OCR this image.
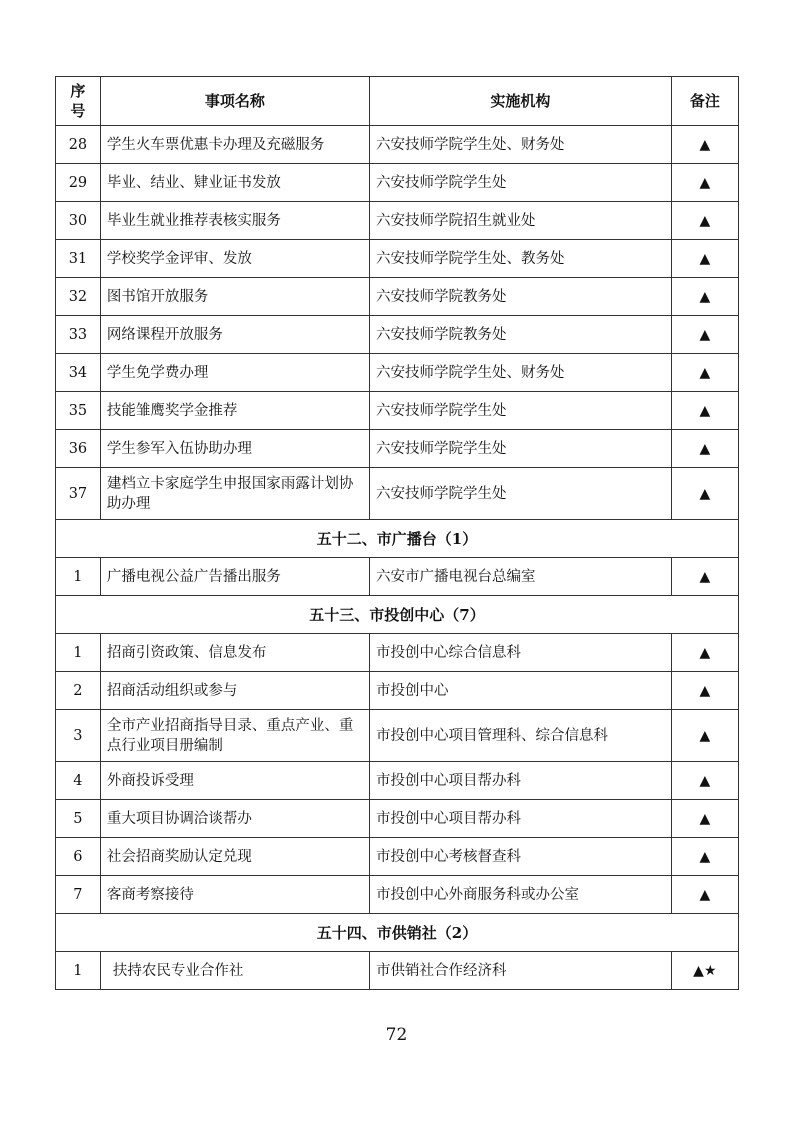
序号	事项名称	实施机构	备注
28	学生火车票优惠卡办理及充磁服务	六安技师学院学生处、财务处	▲
29	毕业、结业、肄业证书发放	六安技师学院学生处	▲
30	毕业生就业推荐表核实服务	六安技师学院招生就业处	▲
31	学校奖学金评审、发放	六安技师学院学生处、教务处	▲
32	图书馆开放服务	六安技师学院教务处	▲
33	网络课程开放服务	六安技师学院教务处	▲
34	学生免学费办理	六安技师学院学生处、财务处	▲
35	技能雏鹰奖学金推荐	六安技师学院学生处	▲
36	学生参军入伍协助办理	六安技师学院学生处	▲
37	建档立卡家庭学生申报国家雨露计划协助办理	六安技师学院学生处	▲
五十二、市广播台（1）			
1	广播电视公益广告播出服务	六安市广播电视台总编室	▲
五十三、市投创中心（7）			
1	招商引资政策、信息发布	市投创中心综合信息科	▲
2	招商活动组织或参与	市投创中心	▲
3	全市产业招商指导目录、重点产业、重点行业项目册编制	市投创中心项目管理科、综合信息科	▲
4	外商投诉受理	市投创中心项目帮办科	▲
5	重大项目协调洽谈帮办	市投创中心项目帮办科	▲
6	社会招商奖励认定兑现	市投创中心考核督查科	▲
7	客商考察接待	市投创中心外商服务科或办公室	▲
五十四、市供销社（2）			
1	扶持农民专业合作社	市供销社合作经济科	▲★
72
